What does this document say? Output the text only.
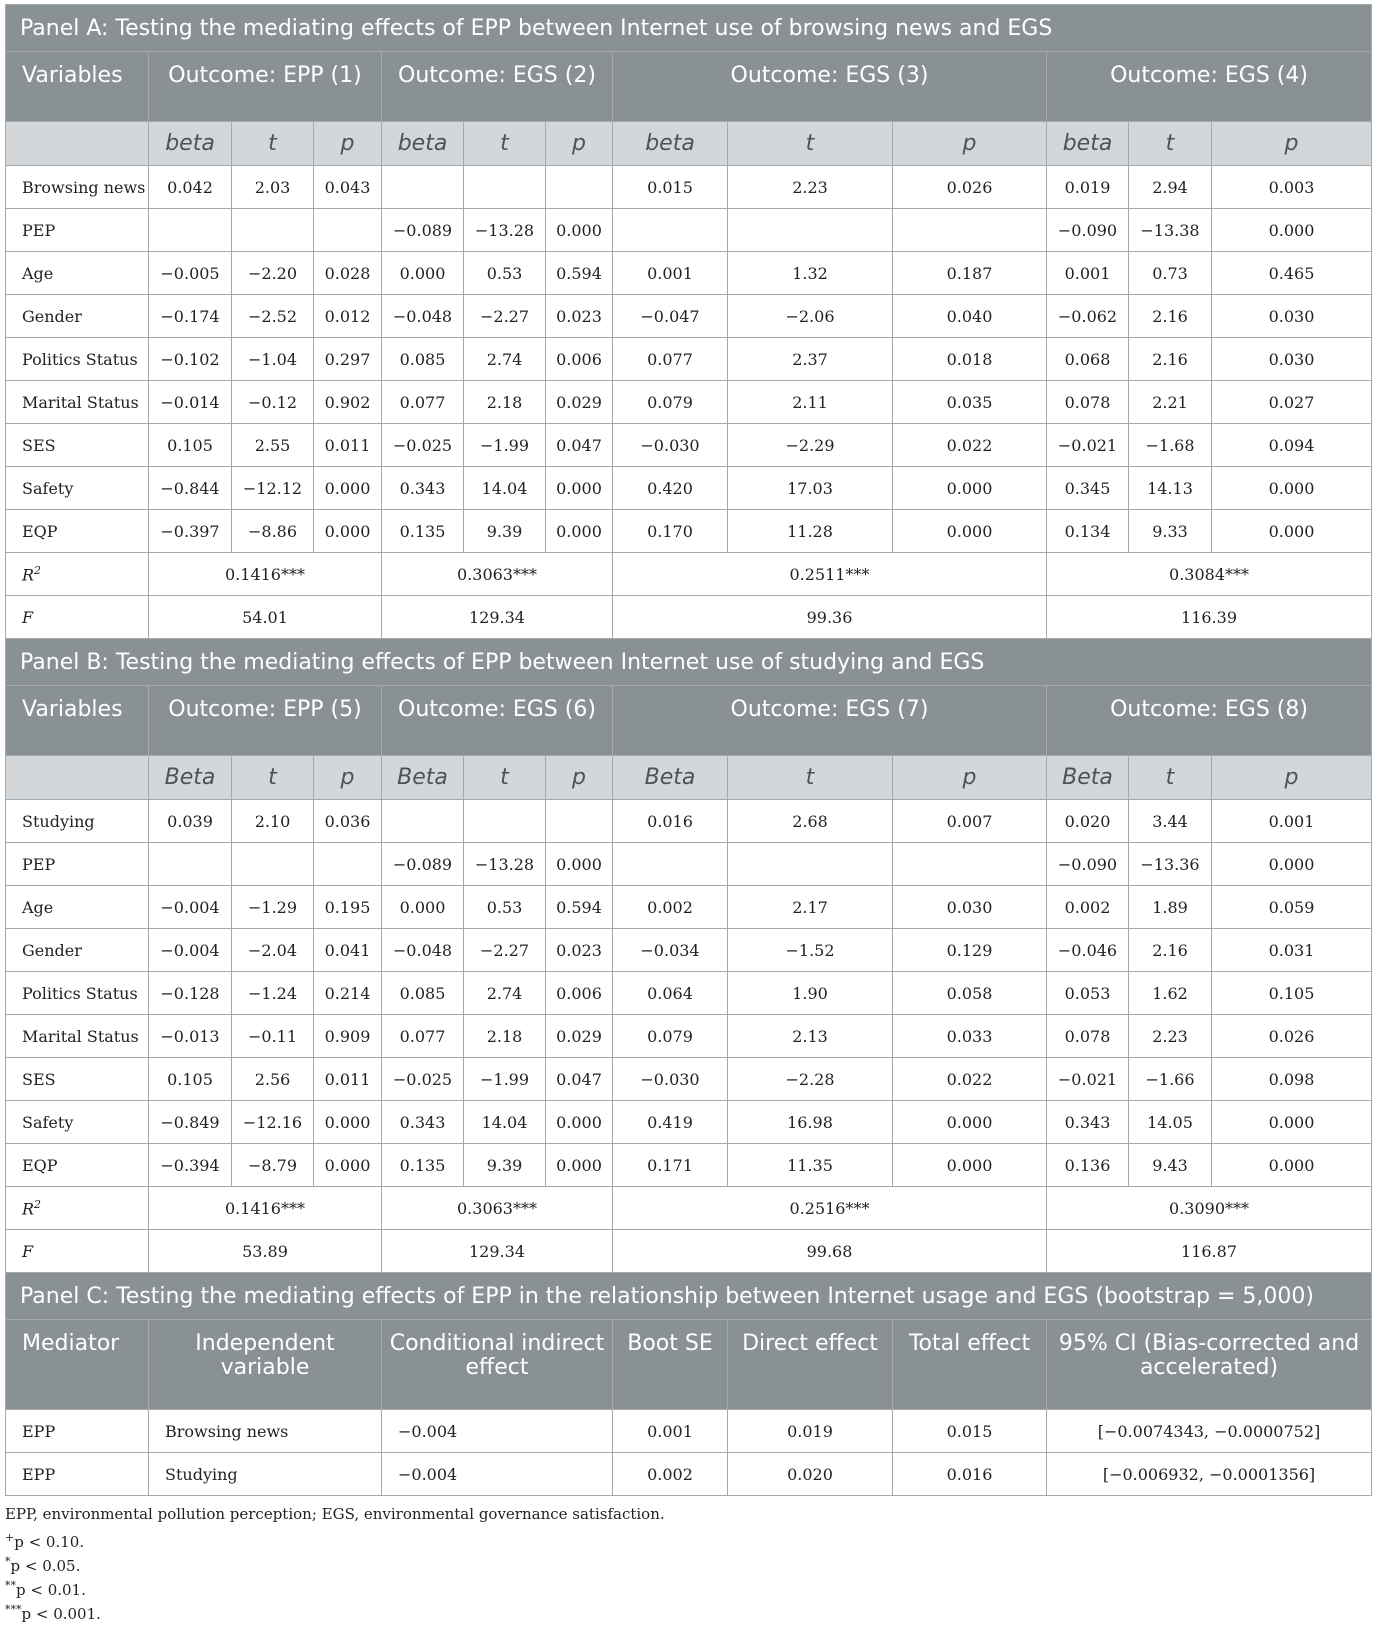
Panel A: Testing the mediating effects of EPP between Internet use of browsing news and EGS												
Variables	Outcome: EPP (1)			Outcome: EGS (2)			Outcome: EGS (3)			Outcome: EGS (4)		
	beta	t	p	beta	t	p	beta	t	p	beta	t	p
Browsing news	0.042	2.03	0.043				0.015	2.23	0.026	0.019	2.94	0.003
PEP				−0.089	−13.28	0.000				−0.090	−13.38	0.000
Age	−0.005	−2.20	0.028	0.000	0.53	0.594	0.001	1.32	0.187	0.001	0.73	0.465
Gender	−0.174	−2.52	0.012	−0.048	−2.27	0.023	−0.047	−2.06	0.040	−0.062	2.16	0.030
Politics Status	−0.102	−1.04	0.297	0.085	2.74	0.006	0.077	2.37	0.018	0.068	2.16	0.030
Marital Status	−0.014	−0.12	0.902	0.077	2.18	0.029	0.079	2.11	0.035	0.078	2.21	0.027
SES	0.105	2.55	0.011	−0.025	−1.99	0.047	−0.030	−2.29	0.022	−0.021	−1.68	0.094
Safety	−0.844	−12.12	0.000	0.343	14.04	0.000	0.420	17.03	0.000	0.345	14.13	0.000
EQP	−0.397	−8.86	0.000	0.135	9.39	0.000	0.170	11.28	0.000	0.134	9.33	0.000
$R^2$	0.1416***			0.3063***			0.2511***			0.3084***		
F	54.01			129.34			99.36			116.39		
Panel B: Testing the mediating effects of EPP between Internet use of studying and EGS												
Variables	Outcome: EPP (5)			Outcome: EGS (6)			Outcome: EGS (7)			Outcome: EGS (8)		
	Beta	t	p	Beta	t	p	Beta	t	p	Beta	t	p
Studying	0.039	2.10	0.036				0.016	2.68	0.007	0.020	3.44	0.001
PEP				−0.089	−13.28	0.000				−0.090	−13.36	0.000
Age	−0.004	−1.29	0.195	0.000	0.53	0.594	0.002	2.17	0.030	0.002	1.89	0.059
Gender	−0.004	−2.04	0.041	−0.048	−2.27	0.023	−0.034	−1.52	0.129	−0.046	2.16	0.031
Politics Status	−0.128	−1.24	0.214	0.085	2.74	0.006	0.064	1.90	0.058	0.053	1.62	0.105
Marital Status	−0.013	−0.11	0.909	0.077	2.18	0.029	0.079	2.13	0.033	0.078	2.23	0.026
SES	0.105	2.56	0.011	−0.025	−1.99	0.047	−0.030	−2.28	0.022	−0.021	−1.66	0.098
Safety	−0.849	−12.16	0.000	0.343	14.04	0.000	0.419	16.98	0.000	0.343	14.05	0.000
EQP	−0.394	−8.79	0.000	0.135	9.39	0.000	0.171	11.35	0.000	0.136	9.43	0.000
$R^2$	0.1416***			0.3063***			0.2516***			0.3090***		
F	53.89			129.34			99.68			116.87		
Panel C: Testing the mediating effects of EPP in the relationship between Internet usage and EGS (bootstrap = 5,000)												
Mediator	Independent variable			Conditional indirect effect			Boot SE	Direct effect	Total effect	95% CI (Bias-corrected and accelerated)		
EPP	Browsing news			−0.004			0.001	0.019	0.015	[−0.0074343, −0.0000752]		
EPP	Studying			−0.004			0.002	0.020	0.016	[−0.006932, −0.0001356]		
EPP, environmental pollution perception; EGS, environmental governance satisfaction.
+p < 0.10.
*p < 0.05.
**p < 0.01.
***p < 0.001.
